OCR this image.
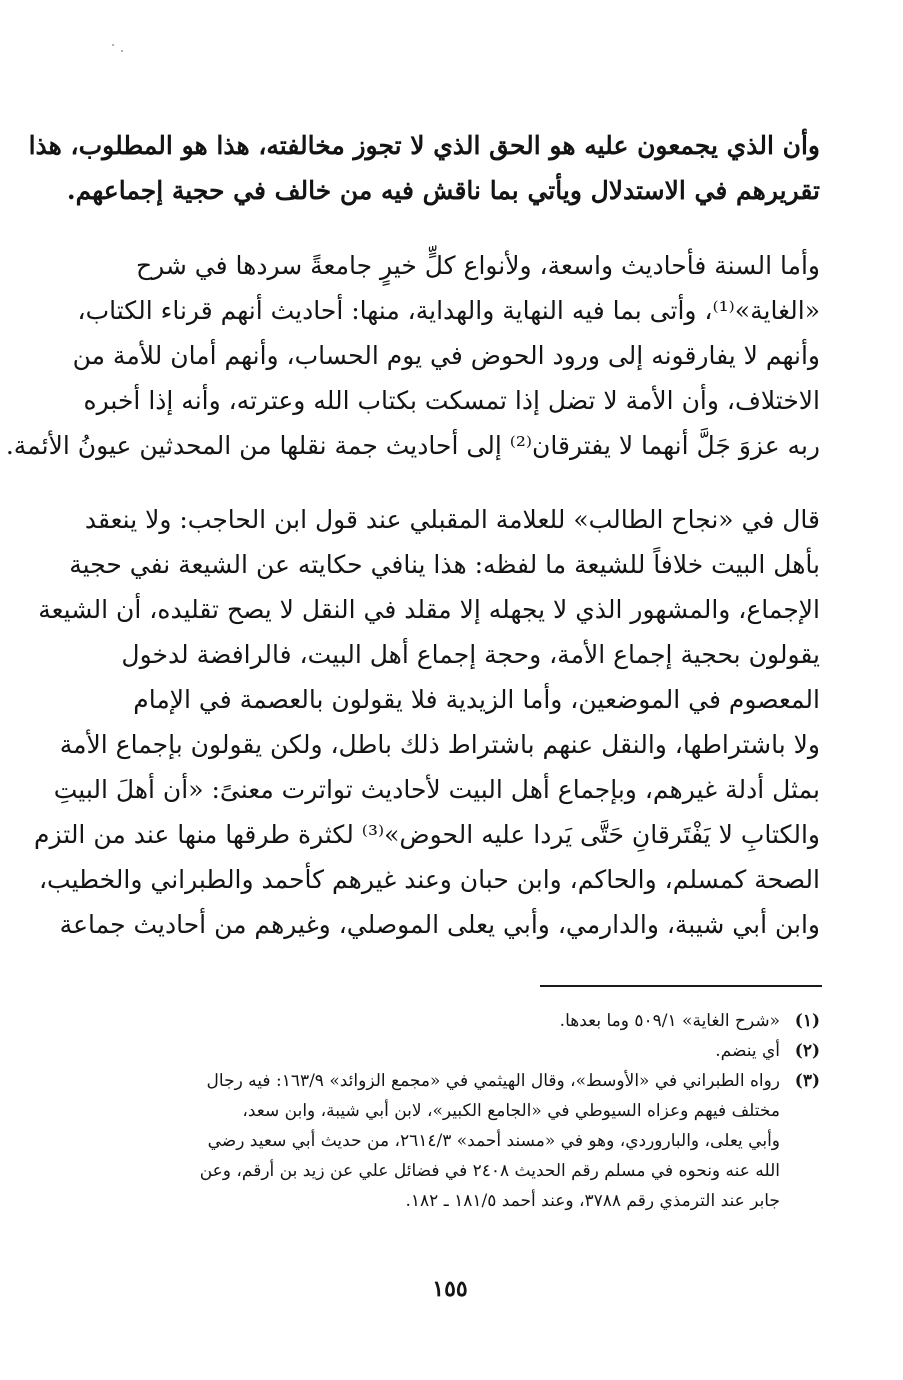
وأن الذي يجمعون عليه هو الحق الذي لا تجوز مخالفته، هذا هو المطلوب، هذا
تقريرهم في الاستدلال ويأتي بما ناقش فيه من خالف في حجية إجماعهم.
وأما السنة فأحاديث واسعة، ولأنواع كلٍّ خيرٍ جامعةً سردها في شرح
«الغاية»⁽¹⁾، وأتى بما فيه النهاية والهداية، منها: أحاديث أنهم قرناء الكتاب،
وأنهم لا يفارقونه إلى ورود الحوض في يوم الحساب، وأنهم أمان للأمة من
الاختلاف، وأن الأمة لا تضل إذا تمسكت بكتاب الله وعترته، وأنه إذا أخبره
ربه عزوَ جَلَّ أنهما لا يفترقان⁽²⁾ إلى أحاديث جمة نقلها من المحدثين عيونُ الأئمة.
قال في «نجاح الطالب» للعلامة المقبلي عند قول ابن الحاجب: ولا ينعقد
بأهل البيت خلافاً للشيعة ما لفظه: هذا ينافي حكايته عن الشيعة نفي حجية
الإجماع، والمشهور الذي لا يجهله إلا مقلد في النقل لا يصح تقليده، أن الشيعة
يقولون بحجية إجماع الأمة، وحجة إجماع أهل البيت، فالرافضة لدخول
المعصوم في الموضعين، وأما الزيدية فلا يقولون بالعصمة في الإمام
ولا باشتراطها، والنقل عنهم باشتراط ذلك باطل، ولكن يقولون بإجماع الأمة
بمثل أدلة غيرهم، وبإجماع أهل البيت لأحاديث تواترت معنىً: «أن أهلَ البيتِ
والكتابِ لا يَفْتَرقانِ حَتَّى يَردا عليه الحوض»⁽³⁾ لكثرة طرقها منها عند من التزم
الصحة كمسلم، والحاكم، وابن حبان وعند غيرهم كأحمد والطبراني والخطيب،
وابن أبي شيبة، والدارمي، وأبي يعلى الموصلي، وغيرهم من أحاديث جماعة
(١)
«شرح الغاية» ٥٠٩/١ وما بعدها.
(٢)
أي ينضم.
(٣)
رواه الطبراني في «الأوسط»، وقال الهيثمي في «مجمع الزوائد» ١٦٣/٩: فيه رجال
مختلف فيهم وعزاه السيوطي في «الجامع الكبير»، لابن أبي شيبة، وابن سعد،
وأبي يعلى، والباروردي، وهو في «مسند أحمد» ٢٦١٤/٣، من حديث أبي سعيد رضي
الله عنه ونحوه في مسلم رقم الحديث ٢٤٠٨ في فضائل علي عن زيد بن أرقم، وعن
جابر عند الترمذي رقم ٣٧٨٨، وعند أحمد ١٨١/٥ ـ ١٨٢.
١٥٥
